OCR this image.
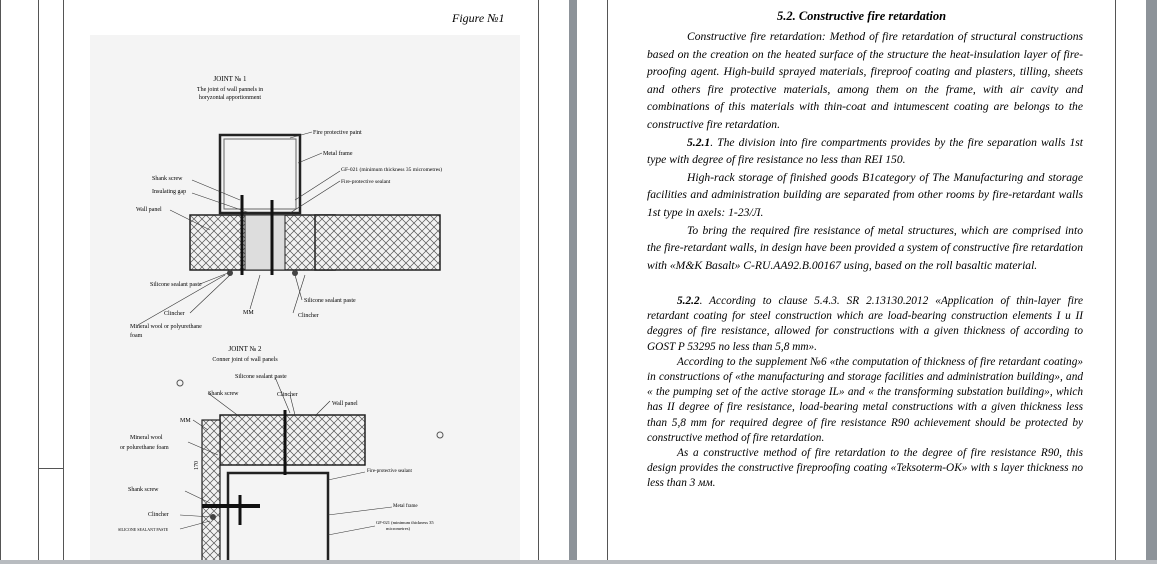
Figure №1
JOINT № 1
The joint of wall pannels in
horyzontal apportionment
Fire protective paint
Metal frame
GF-021 (minimum thickness 35 micrometres)
Fire-protective sealant
Shank screw
Insulating gap
Wall panel
Silicone sealant paste
Silicone sealant paste
Clincher	Clincher
MM
Mineral wool or polyurethane
foam
JOINT № 2
Conner joint of wall panels
170
Silicone sealant paste
Shank screw	Clincher
Wall panel
MM
Mineral wool
or polurethane foam
Fire-protective sealant
Shank screw
Metal frame
Clincher
GF-021 (minimum thickness 35
micrometres)
SILICONE SEALANT PASTE
5.2. Constructive fire retardation

Constructive fire retardation: Method of fire retardation of structural constructions based on the creation on the heated surface of the structure the heat-insulation layer of fire-proofing agent. High-build sprayed materials, fireproof coating and plasters, tilling, sheets and others fire protective materials, among them on the frame, with air cavity and combinations of this materials with thin-coat and intumescent coating are belongs to the constructive fire retardation.

5.2.1. The division into fire compartments provides by the fire separation walls 1st type with degree of fire resistance no less than REI 150.

High-rack storage of finished goods B1category of The Manufacturing and storage facilities and administration building are separated from other rooms by fire-retardant walls 1st type in axels: 1-23/Л.

To bring the required fire resistance of metal structures, which are comprised into the fire-retardant walls, in design have been provided a system of constructive fire retardation with «M&K Basalt» C-RU.AA92.B.00167 using, based on the roll basaltic material.

5.2.2. According to clause 5.4.3. SR 2.13130.2012 «Application of thin-layer fire retardant coating for steel construction which are load-bearing construction elements I и II deggres of fire resistance, allowed for constructions with a given thickness of according to GOST P 53295 no less than 5,8 mm».

According to the supplement №6 «the computation of thickness of fire retardant coating» in constructions of «the manufacturing and storage facilities and administration building», and « the pumping set of the active storage IL» and « the transforming substation building», which has II degree of fire resistance, load-bearing metal constructions with a given thickness less than 5,8 mm for required degree of fire resistance R90 achievement should be protected by constructive method of fire retardation.

As a constructive method of fire retardation to the degree of fire resistance R90, this design provides the constructive fireproofing coating «Teksoterm-OK» with s layer thickness no less than 3 мм.
